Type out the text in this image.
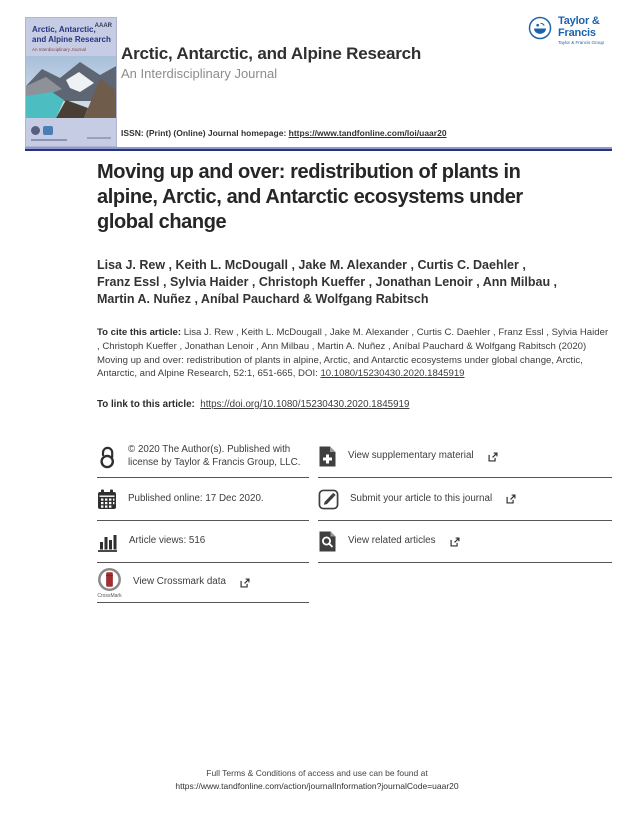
Arctic, Antarctic,
and Alpine Research
AAAR
An Interdisciplinary Journal
Taylor & Francis
Taylor & Francis Group
Arctic, Antarctic, and Alpine Research
An Interdisciplinary Journal
ISSN: (Print) (Online) Journal homepage: https://www.tandfonline.com/loi/uaar20
Moving up and over: redistribution of plants in
alpine, Arctic, and Antarctic ecosystems under
global change
Lisa J. Rew , Keith L. McDougall , Jake M. Alexander , Curtis C. Daehler ,
Franz Essl , Sylvia Haider , Christoph Kueffer , Jonathan Lenoir , Ann Milbau ,
Martin A. Nuñez , Aníbal Pauchard & Wolfgang Rabitsch
To cite this article: Lisa J. Rew , Keith L. McDougall , Jake M. Alexander , Curtis C. Daehler , Franz Essl , Sylvia Haider , Christoph Kueffer , Jonathan Lenoir , Ann Milbau , Martin A. Nuñez , Aníbal Pauchard & Wolfgang Rabitsch (2020) Moving up and over: redistribution of plants in alpine, Arctic, and Antarctic ecosystems under global change, Arctic, Antarctic, and Alpine Research, 52:1, 651-665, DOI: 10.1080/15230430.2020.1845919
To link to this article: https://doi.org/10.1080/15230430.2020.1845919
© 2020 The Author(s). Published with
license by Taylor & Francis Group, LLC.
View supplementary material
Published online: 17 Dec 2020.	Submit your article to this journal
Article views: 516	View related articles
CrossMark
View Crossmark data
Full Terms & Conditions of access and use can be found at
https://www.tandfonline.com/action/journalInformation?journalCode=uaar20
